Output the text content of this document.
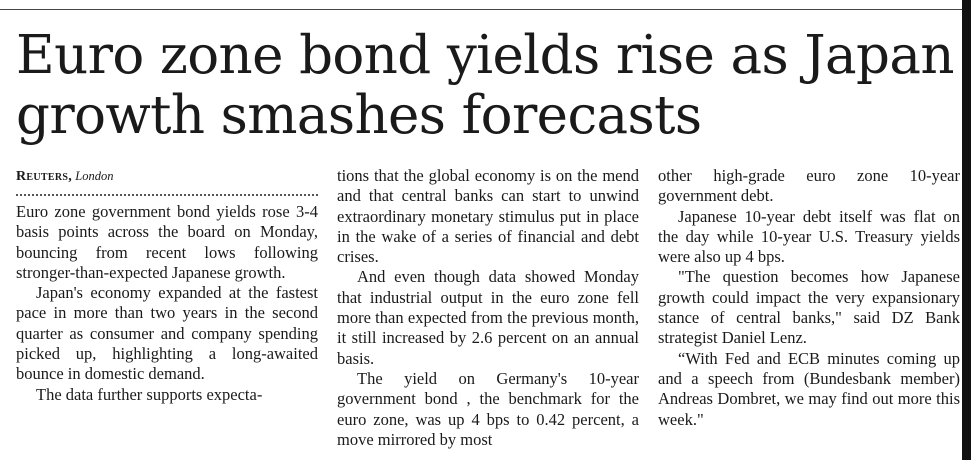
Euro zone bond yields rise as Japan growth smashes forecasts
Reuters, London

Euro zone government bond yields rose 3-4 basis points across the board on Monday, bouncing from recent lows following stronger-than-expected Japanese growth.

Japan's economy expanded at the fastest pace in more than two years in the second quarter as consumer and company spending picked up, highlighting a long-awaited bounce in domestic demand.

The data further supports expecta-

tions that the global economy is on the mend and that central banks can start to unwind extraordinary monetary stimulus put in place in the wake of a series of financial and debt crises.

And even though data showed Monday that industrial output in the euro zone fell more than expected from the previous month, it still increased by 2.6 percent on an annual basis.

The yield on Germany's 10-year government bond , the benchmark for the euro zone, was up 4 bps to 0.42 percent, a move mirrored by most

other high-grade euro zone 10-year government debt.

Japanese 10-year debt itself was flat on the day while 10-year U.S. Treasury yields were also up 4 bps.

"The question becomes how Japanese growth could impact the very expansionary stance of central banks," said DZ Bank strategist Daniel Lenz.

“With Fed and ECB minutes coming up and a speech from (Bundesbank member) Andreas Dombret, we may find out more this week."
